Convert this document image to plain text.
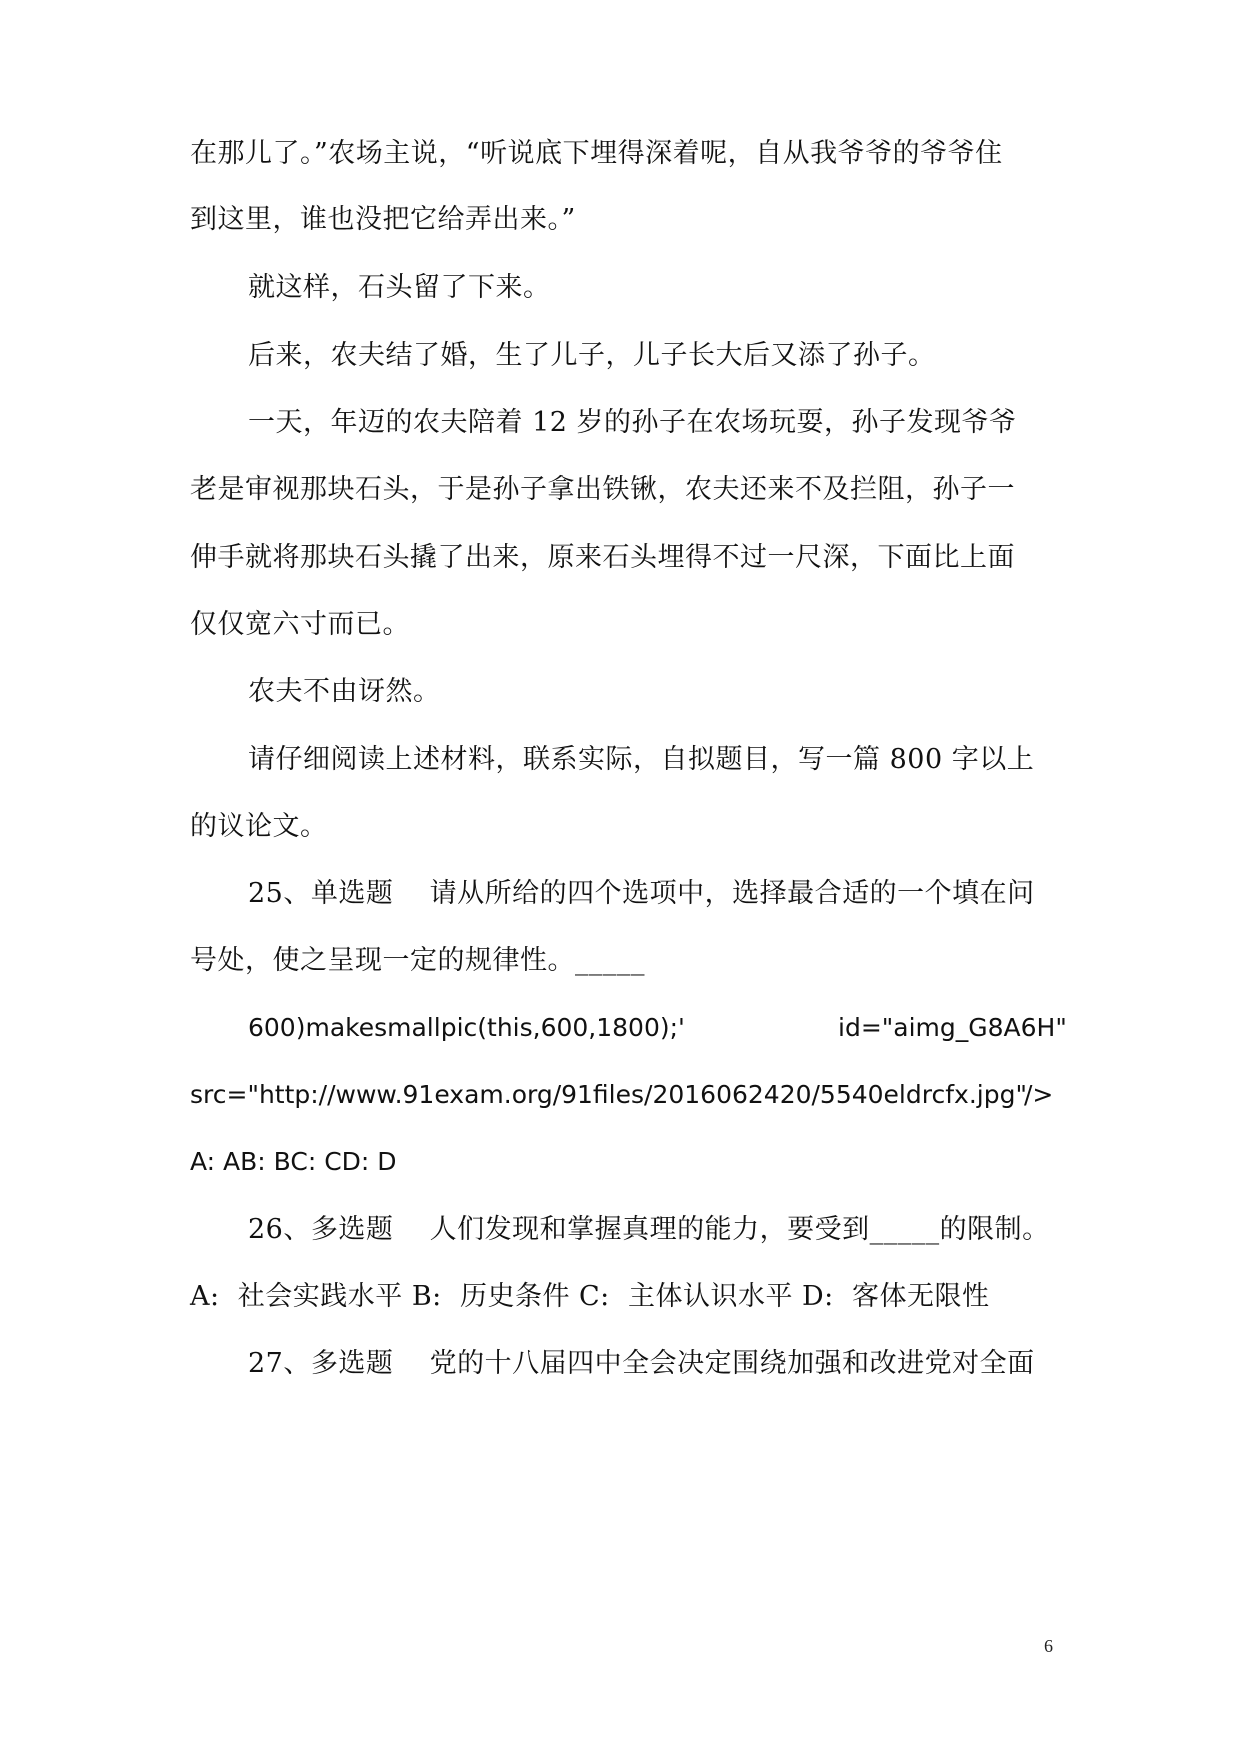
在那儿了。”农场主说，“听说底下埋得深着呢，自从我爷爷的爷爷住
到这里，谁也没把它给弄出来。”
就这样，石头留了下来。
后来，农夫结了婚，生了儿子，儿子长大后又添了孙子。
一天，年迈的农夫陪着 12 岁的孙子在农场玩耍，孙子发现爷爷
老是审视那块石头，于是孙子拿出铁锹，农夫还来不及拦阻，孙子一
伸手就将那块石头撬了出来，原来石头埋得不过一尺深，下面比上面
仅仅宽六寸而已。
农夫不由讶然。
请仔细阅读上述材料，联系实际，自拟题目，写一篇 800 字以上
的议论文。
25、单选题    请从所给的四个选项中，选择最合适的一个填在问
号处，使之呈现一定的规律性。_____
600)makesmallpic(this,600,1800);'	id="aimg_G8A6H"
src="http://www.91exam.org/91files/2016062420/5540eldrcfx.jpg"
/>
A: AB: BC: CD: D
26、多选题    人们发现和掌握真理的能力，要受到_____的限制。
A:  社会实践水平 B:  历史条件 C:  主体认识水平 D:  客体无限性
27、多选题    党的十八届四中全会决定围绕加强和改进党对全面
6
